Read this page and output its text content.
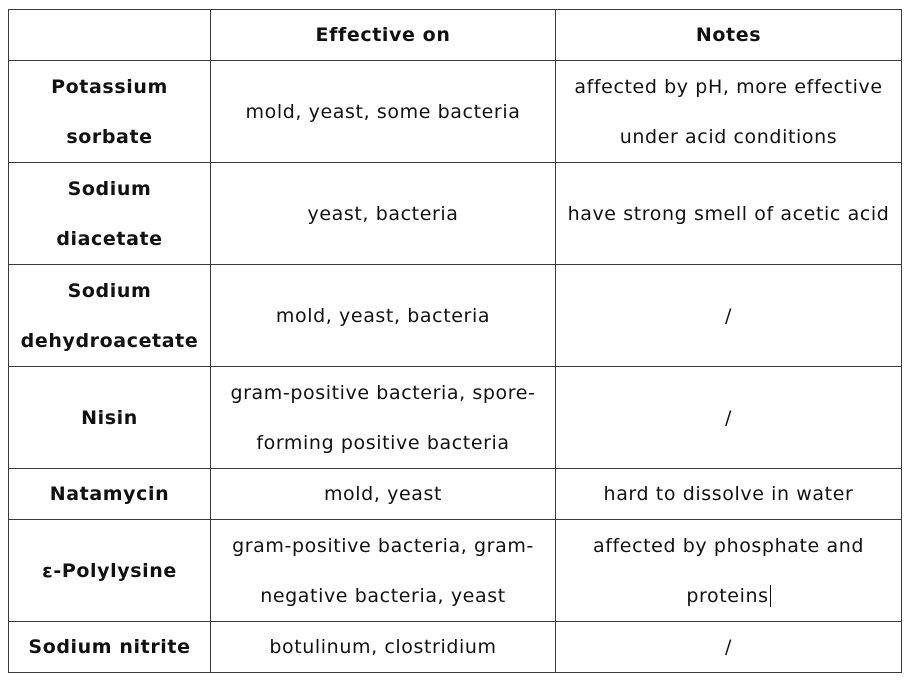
	Effective on	Notes
Potassium sorbate	mold, yeast, some bacteria	affected by pH, more effective under acid conditions
Sodium diacetate	yeast, bacteria	have strong smell of acetic acid
Sodium dehydroacetate	mold, yeast, bacteria	/
Nisin	gram-positive bacteria, spore-forming positive bacteria	/
Natamycin	mold, yeast	hard to dissolve in water
ε-Polylysine	gram-positive bacteria, gram-negative bacteria, yeast	affected by phosphate and proteins
Sodium nitrite	botulinum, clostridium	/
